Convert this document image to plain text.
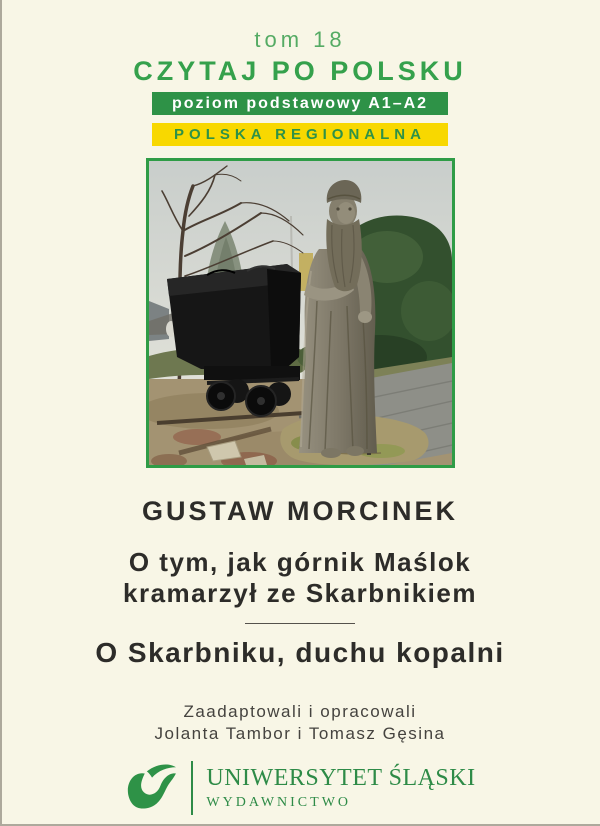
tom 18
CZYTAJ PO POLSKU
poziom podstawowy A1–A2
POLSKA REGIONALNA
GUSTAW MORCINEK
O tym, jak górnik Maślok
kramarzył ze Skarbnikiem
O Skarbniku, duchu kopalni
Zaadaptowali i opracowali
Jolanta Tambor i Tomasz Gęsina
UNIWERSYTET ŚLĄSKI
WYDAWNICTWO
